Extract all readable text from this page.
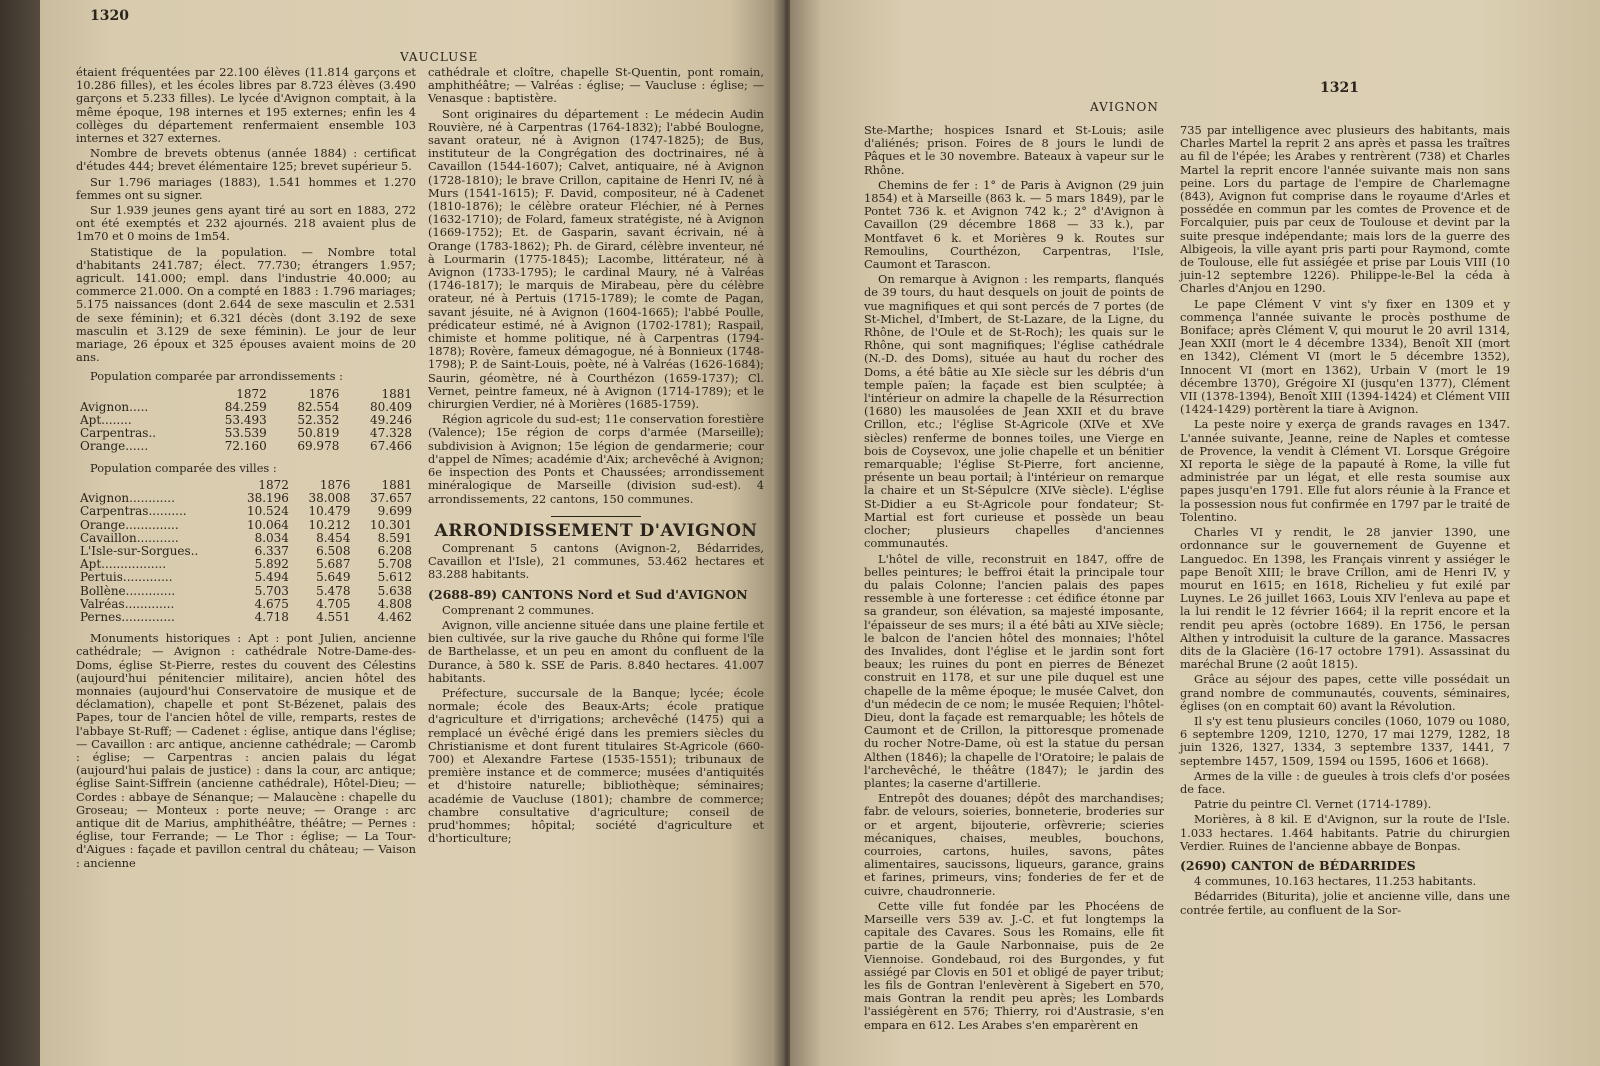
1320
VAUCLUSE

étaient fréquentées par 22.100 élèves (11.814 garçons et 10.286 filles), et les écoles libres par 8.723 élèves (3.490 garçons et 5.233 filles). Le lycée d'Avignon comptait, à la même époque, 198 internes et 195 externes; enfin les 4 collèges du département renfermaient ensemble 103 internes et 327 externes.

Nombre de brevets obtenus (année 1884) : certificat d'études 444; brevet élémentaire 125; brevet supérieur 5.

Sur 1.796 mariages (1883), 1.541 hommes et 1.270 femmes ont su signer.

Sur 1.939 jeunes gens ayant tiré au sort en 1883, 272 ont été exemptés et 232 ajournés. 218 avaient plus de 1m70 et 0 moins de 1m54.

Statistique de la population. — Nombre total d'habitants 241.787; élect. 77.730; étrangers 1.957; agricult. 141.000; empl. dans l'industrie 40.000; au commerce 21.000. On a compté en 1883 : 1.796 mariages; 5.175 naissances (dont 2.644 de sexe masculin et 2.531 de sexe féminin); et 6.321 décès (dont 3.192 de sexe masculin et 3.129 de sexe féminin). Le jour de leur mariage, 26 époux et 325 épouses avaient moins de 20 ans.

Population comparée par arrondissements :

	1872	1876	1881
Avignon.....	84.259	82.554	80.409
Apt........	53.493	52.352	49.246
Carpentras..	53.539	50.819	47.328
Orange......	72.160	69.978	67.466

Population comparée des villes :

	1872	1876	1881
Avignon............	38.196	38.008	37.657
Carpentras..........	10.524	10.479	9.699
Orange..............	10.064	10.212	10.301
Cavaillon...........	8.034	8.454	8.591
L'Isle-sur-Sorgues..	6.337	6.508	6.208
Apt.................	5.892	5.687	5.708
Pertuis.............	5.494	5.649	5.612
Bollène.............	5.703	5.478	5.638
Valréas.............	4.675	4.705	4.808
Pernes..............	4.718	4.551	4.462

Monuments historiques : Apt : pont Julien, ancienne cathédrale; — Avignon : cathédrale Notre-Dame-des-Doms, église St-Pierre, restes du couvent des Célestins (aujourd'hui pénitencier militaire), ancien hôtel des monnaies (aujourd'hui Conservatoire de musique et de déclamation), chapelle et pont St-Bézenet, palais des Papes, tour de l'ancien hôtel de ville, remparts, restes de l'abbaye St-Ruff; — Cadenet : église, antique dans l'église; — Cavaillon : arc antique, ancienne cathédrale; — Caromb : église; — Carpentras : ancien palais du légat (aujourd'hui palais de justice) : dans la cour, arc antique; église Saint-Siffrein (ancienne cathédrale), Hôtel-Dieu; — Cordes : abbaye de Sénanque; — Malaucène : chapelle du Groseau; — Monteux : porte neuve; — Orange : arc antique dit de Marius, amphithéâtre, théâtre; — Pernes : église, tour Ferrande; — Le Thor : église; — La Tour-d'Aigues : façade et pavillon central du château; — Vaison : ancienne

cathédrale et cloître, chapelle St-Quentin, pont romain, amphithéâtre; — Valréas : église; — Vaucluse : église; — Venasque : baptistère.

Sont originaires du département : Le médecin Audin Rouvière, né à Carpentras (1764-1832); l'abbé Boulogne, savant orateur, né à Avignon (1747-1825); de Bus, instituteur de la Congrégation des doctrinaires, né à Cavaillon (1544-1607); Calvet, antiquaire, né à Avignon (1728-1810); le brave Crillon, capitaine de Henri IV, né à Murs (1541-1615); F. David, compositeur, né à Cadenet (1810-1876); le célèbre orateur Fléchier, né à Pernes (1632-1710); de Folard, fameux stratégiste, né à Avignon (1669-1752); Et. de Gasparin, savant écrivain, né à Orange (1783-1862); Ph. de Girard, célèbre inventeur, né à Lourmarin (1775-1845); Lacombe, littérateur, né à Avignon (1733-1795); le cardinal Maury, né à Valréas (1746-1817); le marquis de Mirabeau, père du célèbre orateur, né à Pertuis (1715-1789); le comte de Pagan, savant jésuite, né à Avignon (1604-1665); l'abbé Poulle, prédicateur estimé, né à Avignon (1702-1781); Raspail, chimiste et homme politique, né à Carpentras (1794-1878); Rovère, fameux démagogue, né à Bonnieux (1748-1798); P. de Saint-Louis, poète, né à Valréas (1626-1684); Saurin, géomètre, né à Courthézon (1659-1737); Cl. Vernet, peintre fameux, né à Avignon (1714-1789); et le chirurgien Verdier, né à Morières (1685-1759).

Région agricole du sud-est; 11e conservation forestière (Valence); 15e région de corps d'armée (Marseille); subdivision à Avignon; 15e légion de gendarmerie; cour d'appel de Nîmes; académie d'Aix; archevêché à Avignon; 6e inspection des Ponts et Chaussées; arrondissement minéralogique de Marseille (division sud-est). 4 arrondissements, 22 cantons, 150 communes.

ARRONDISSEMENT D'AVIGNON

Comprenant 5 cantons (Avignon-2, Bédarrides, Cavaillon et l'Isle), 21 communes, 53.462 hectares et 83.288 habitants.

(2688-89) CANTONS Nord et Sud d'AVIGNON

Comprenant 2 communes.

Avignon, ville ancienne située dans une plaine fertile et bien cultivée, sur la rive gauche du Rhône qui forme l'île de Barthelasse, et un peu en amont du confluent de la Durance, à 580 k. SSE de Paris. 8.840 hectares. 41.007 habitants.

Préfecture, succursale de la Banque; lycée; école normale; école des Beaux-Arts; école pratique d'agriculture et d'irrigations; archevêché (1475) qui a remplacé un évêché érigé dans les premiers siècles du Christianisme et dont furent titulaires St-Agricole (660-700) et Alexandre Fartese (1535-1551); tribunaux de première instance et de commerce; musées d'antiquités et d'histoire naturelle; bibliothèque; séminaires; académie de Vaucluse (1801); chambre de commerce; chambre consultative d'agriculture; conseil de prud'hommes; hôpital; société d'agriculture et d'horticulture;

1321
AVIGNON

Ste-Marthe; hospices Isnard et St-Louis; asile d'aliénés; prison. Foires de 8 jours le lundi de Pâques et le 30 novembre. Bateaux à vapeur sur le Rhône.

Chemins de fer : 1° de Paris à Avignon (29 juin 1854) et à Marseille (863 k. — 5 mars 1849), par le Pontet 736 k. et Avignon 742 k.; 2° d'Avignon à Cavaillon (29 décembre 1868 — 33 k.), par Montfavet 6 k. et Morières 9 k. Routes sur Remoulins, Courthézon, Carpentras, l'Isle, Caumont et Tarascon.

On remarque à Avignon : les remparts, flanqués de 39 tours, du haut desquels on jouit de points de vue magnifiques et qui sont percés de 7 portes (de St-Michel, d'Imbert, de St-Lazare, de la Ligne, du Rhône, de l'Oule et de St-Roch); les quais sur le Rhône, qui sont magnifiques; l'église cathédrale (N.-D. des Doms), située au haut du rocher des Doms, a été bâtie au XIe siècle sur les débris d'un temple païen; la façade est bien sculptée; à l'intérieur on admire la chapelle de la Résurrection (1680) les mausolées de Jean XXII et du brave Crillon, etc.; l'église St-Agricole (XIVe et XVe siècles) renferme de bonnes toiles, une Vierge en bois de Coysevox, une jolie chapelle et un bénitier remarquable; l'église St-Pierre, fort ancienne, présente un beau portail; à l'intérieur on remarque la chaire et un St-Sépulcre (XIVe siècle). L'église St-Didier a eu St-Agricole pour fondateur; St-Martial est fort curieuse et possède un beau clocher; plusieurs chapelles d'anciennes communautés.

L'hôtel de ville, reconstruit en 1847, offre de belles peintures; le beffroi était la principale tour du palais Colonne; l'ancien palais des papes ressemble à une forteresse : cet édifice étonne par sa grandeur, son élévation, sa majesté imposante, l'épaisseur de ses murs; il a été bâti au XIVe siècle; le balcon de l'ancien hôtel des monnaies; l'hôtel des Invalides, dont l'église et le jardin sont fort beaux; les ruines du pont en pierres de Bénezet construit en 1178, et sur une pile duquel est une chapelle de la même époque; le musée Calvet, don d'un médecin de ce nom; le musée Requien; l'hôtel-Dieu, dont la façade est remarquable; les hôtels de Caumont et de Crillon, la pittoresque promenade du rocher Notre-Dame, où est la statue du persan Althen (1846); la chapelle de l'Oratoire; le palais de l'archevêché, le théâtre (1847); le jardin des plantes; la caserne d'artillerie.

Entrepôt des douanes; dépôt des marchandises; fabr. de velours, soieries, bonneterie, broderies sur or et argent, bijouterie, orfèvrerie; scieries mécaniques, chaises, meubles, bouchons, courroies, cartons, huiles, savons, pâtes alimentaires, saucissons, liqueurs, garance, grains et farines, primeurs, vins; fonderies de fer et de cuivre, chaudronnerie.

Cette ville fut fondée par les Phocéens de Marseille vers 539 av. J.-C. et fut longtemps la capitale des Cavares. Sous les Romains, elle fit partie de la Gaule Narbonnaise, puis de 2e Viennoise. Gondebaud, roi des Burgondes, y fut assiégé par Clovis en 501 et obligé de payer tribut; les fils de Gontran l'enlevèrent à Sigebert en 570, mais Gontran la rendit peu après; les Lombards l'assiégèrent en 576; Thierry, roi d'Austrasie, s'en empara en 612. Les Arabes s'en emparèrent en

735 par intelligence avec plusieurs des habitants, mais Charles Martel la reprit 2 ans après et passa les traîtres au fil de l'épée; les Arabes y rentrèrent (738) et Charles Martel la reprit encore l'année suivante mais non sans peine. Lors du partage de l'empire de Charlemagne (843), Avignon fut comprise dans le royaume d'Arles et possédée en commun par les comtes de Provence et de Forcalquier, puis par ceux de Toulouse et devint par la suite presque indépendante; mais lors de la guerre des Albigeois, la ville ayant pris parti pour Raymond, comte de Toulouse, elle fut assiégée et prise par Louis VIII (10 juin-12 septembre 1226). Philippe-le-Bel la céda à Charles d'Anjou en 1290.

Le pape Clément V vint s'y fixer en 1309 et y commença l'année suivante le procès posthume de Boniface; après Clément V, qui mourut le 20 avril 1314, Jean XXII (mort le 4 décembre 1334), Benoît XII (mort en 1342), Clément VI (mort le 5 décembre 1352), Innocent VI (mort en 1362), Urbain V (mort le 19 décembre 1370), Grégoire XI (jusqu'en 1377), Clément VII (1378-1394), Benoît XIII (1394-1424) et Clément VIII (1424-1429) portèrent la tiare à Avignon.

La peste noire y exerça de grands ravages en 1347. L'année suivante, Jeanne, reine de Naples et comtesse de Provence, la vendit à Clément VI. Lorsque Grégoire XI reporta le siège de la papauté à Rome, la ville fut administrée par un légat, et elle resta soumise aux papes jusqu'en 1791. Elle fut alors réunie à la France et la possession nous fut confirmée en 1797 par le traité de Tolentino.

Charles VI y rendit, le 28 janvier 1390, une ordonnance sur le gouvernement de Guyenne et Languedoc. En 1398, les Français vinrent y assiéger le pape Benoît XIII; le brave Crillon, ami de Henri IV, y mourut en 1615; en 1618, Richelieu y fut exilé par Luynes. Le 26 juillet 1663, Louis XIV l'enleva au pape et la lui rendit le 12 février 1664; il la reprit encore et la rendit peu après (octobre 1689). En 1756, le persan Althen y introduisit la culture de la garance. Massacres dits de la Glacière (16-17 octobre 1791). Assassinat du maréchal Brune (2 août 1815).

Grâce au séjour des papes, cette ville possédait un grand nombre de communautés, couvents, séminaires, églises (on en comptait 60) avant la Révolution.

Il s'y est tenu plusieurs conciles (1060, 1079 ou 1080, 6 septembre 1209, 1210, 1270, 17 mai 1279, 1282, 18 juin 1326, 1327, 1334, 3 septembre 1337, 1441, 7 septembre 1457, 1509, 1594 ou 1595, 1606 et 1668).

Armes de la ville : de gueules à trois clefs d'or posées de face.

Patrie du peintre Cl. Vernet (1714-1789).

Morières, à 8 kil. E d'Avignon, sur la route de l'Isle. 1.033 hectares. 1.464 habitants. Patrie du chirurgien Verdier. Ruines de l'ancienne abbaye de Bonpas.

(2690) CANTON de BÉDARRIDES

4 communes, 10.163 hectares, 11.253 habitants.

Bédarrides (Biturita), jolie et ancienne ville, dans une contrée fertile, au confluent de la Sor-
